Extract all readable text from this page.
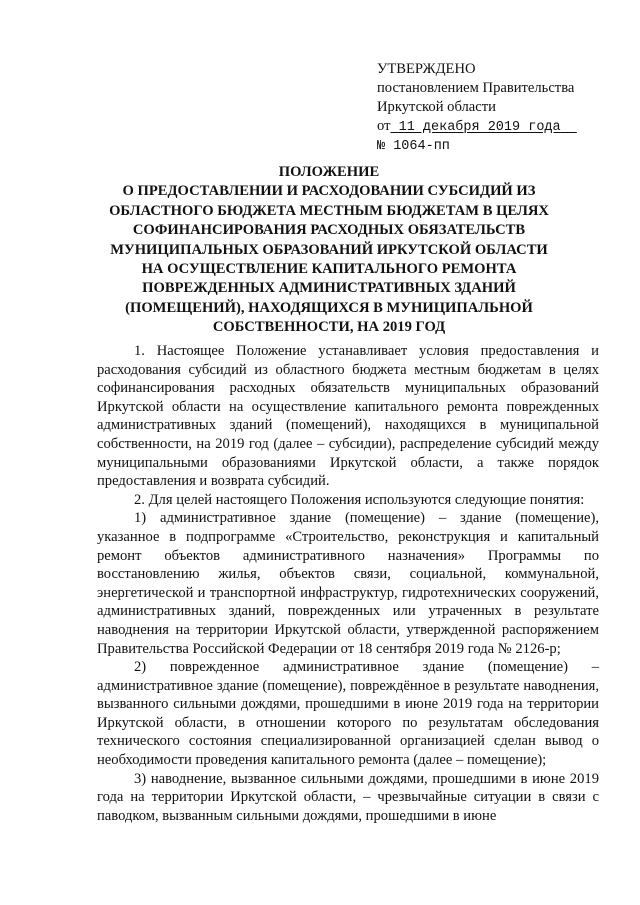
УТВЕРЖДЕНО
постановлением Правительства
Иркутской области
от 11 декабря 2019 года
№ 1064-пп
ПОЛОЖЕНИЕ
О ПРЕДОСТАВЛЕНИИ И РАСХОДОВАНИИ СУБСИДИЙ ИЗ ОБЛАСТНОГО БЮДЖЕТА МЕСТНЫМ БЮДЖЕТАМ В ЦЕЛЯХ СОФИНАНСИРОВАНИЯ РАСХОДНЫХ ОБЯЗАТЕЛЬСТВ МУНИЦИПАЛЬНЫХ ОБРАЗОВАНИЙ ИРКУТСКОЙ ОБЛАСТИ НА ОСУЩЕСТВЛЕНИЕ КАПИТАЛЬНОГО РЕМОНТА ПОВРЕЖДЕННЫХ АДМИНИСТРАТИВНЫХ ЗДАНИЙ (ПОМЕЩЕНИЙ), НАХОДЯЩИХСЯ В МУНИЦИПАЛЬНОЙ СОБСТВЕННОСТИ, НА 2019 ГОД

1. Настоящее Положение устанавливает условия предоставления и расходования субсидий из областного бюджета местным бюджетам в целях софинансирования расходных обязательств муниципальных образований Иркутской области на осуществление капитального ремонта поврежденных административных зданий (помещений), находящихся в муниципальной собственности, на 2019 год (далее – субсидии), распределение субсидий между муниципальными образованиями Иркутской области, а также порядок предоставления и возврата субсидий.

2. Для целей настоящего Положения используются следующие понятия:

1) административное здание (помещение) – здание (помещение), указанное в подпрограмме «Строительство, реконструкция и капитальный ремонт объектов административного назначения» Программы по восстановлению жилья, объектов связи, социальной, коммунальной, энергетической и транспортной инфраструктур, гидротехнических сооружений, административных зданий, поврежденных или утраченных в результате наводнения на территории Иркутской области, утвержденной распоряжением Правительства Российской Федерации от 18 сентября 2019 года № 2126-р;

2) поврежденное административное здание (помещение) – административное здание (помещение), повреждённое в результате наводнения, вызванного сильными дождями, прошедшими в июне 2019 года на территории Иркутской области, в отношении которого по результатам обследования технического состояния специализированной организацией сделан вывод о необходимости проведения капитального ремонта (далее – помещение);

3) наводнение, вызванное сильными дождями, прошедшими в июне 2019 года на территории Иркутской области, – чрезвычайные ситуации в связи с паводком, вызванным сильными дождями, прошедшими в июне
